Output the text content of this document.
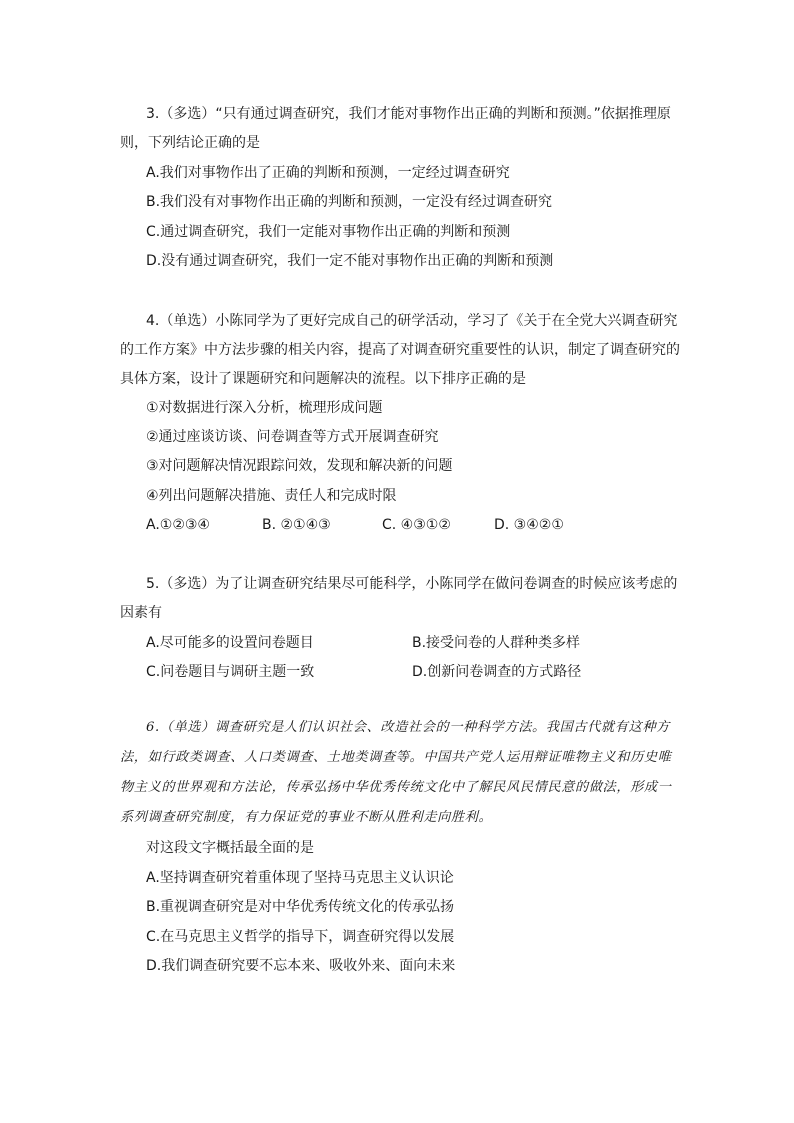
3.（多选）“只有通过调查研究，我们才能对事物作出正确的判断和预测。”依据推理原
则，下列结论正确的是
A.我们对事物作出了正确的判断和预测，一定经过调查研究
B.我们没有对事物作出正确的判断和预测，一定没有经过调查研究
C.通过调查研究，我们一定能对事物作出正确的判断和预测
D.没有通过调查研究，我们一定不能对事物作出正确的判断和预测
4.（单选）小陈同学为了更好完成自己的研学活动，学习了《关于在全党大兴调查研究
的工作方案》中方法步骤的相关内容，提高了对调查研究重要性的认识，制定了调查研究的
具体方案，设计了课题研究和问题解决的流程。以下排序正确的是
①对数据进行深入分析，梳理形成问题
②通过座谈访谈、问卷调查等方式开展调查研究
③对问题解决情况跟踪问效，发现和解决新的问题
④列出问题解决措施、责任人和完成时限
A.①②③④	B. ②①④③	C. ④③①②	D. ③④②①
5.（多选）为了让调查研究结果尽可能科学，小陈同学在做问卷调查的时候应该考虑的
因素有
A.尽可能多的设置问卷题目	B.接受问卷的人群种类多样
C.问卷题目与调研主题一致	D.创新问卷调查的方式路径
6.（单选）调查研究是人们认识社会、改造社会的一种科学方法。我国古代就有这种方
法，如行政类调查、人口类调查、土地类调查等。中国共产党人运用辩证唯物主义和历史唯
物主义的世界观和方法论，传承弘扬中华优秀传统文化中了解民风民情民意的做法，形成一
系列调查研究制度，有力保证党的事业不断从胜利走向胜利。
对这段文字概括最全面的是
A.坚持调查研究着重体现了坚持马克思主义认识论
B.重视调查研究是对中华优秀传统文化的传承弘扬
C.在马克思主义哲学的指导下，调查研究得以发展
D.我们调查研究要不忘本来、吸收外来、面向未来
